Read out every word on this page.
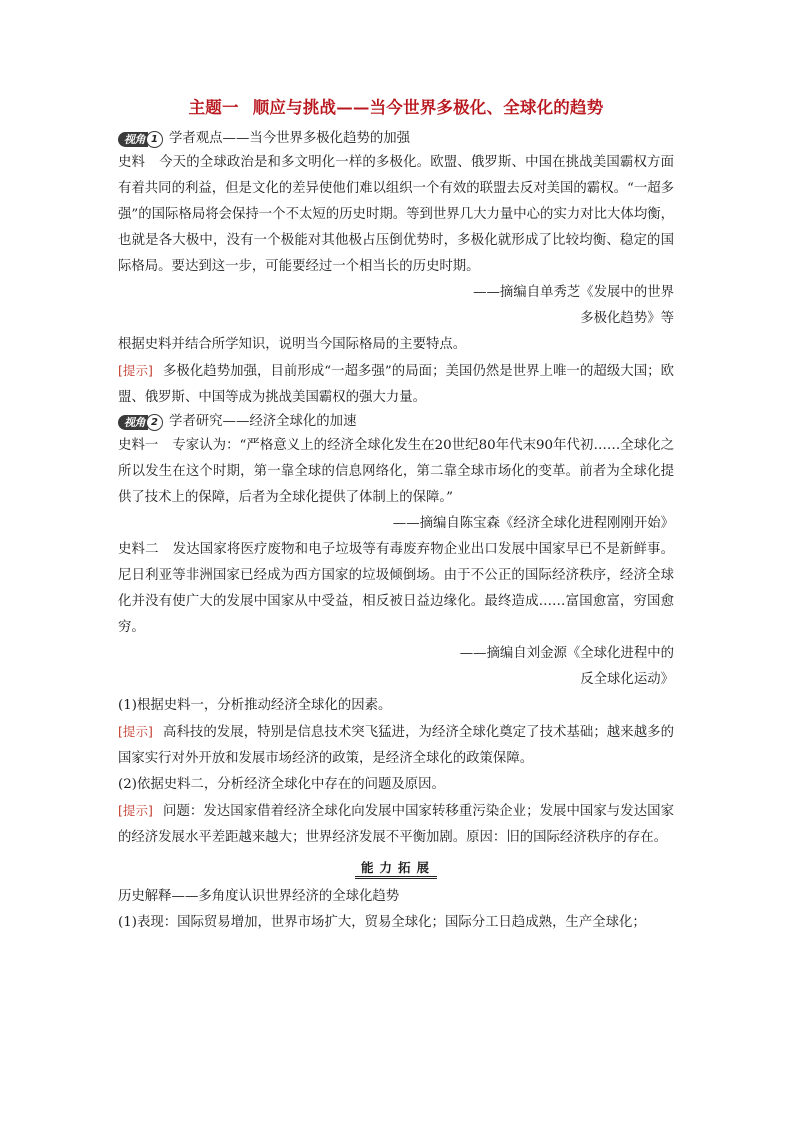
主题一 顺应与挑战——当今世界多极化、全球化的趋势
视角 1 学者观点——当今世界多极化趋势的加强

史料 今天的全球政治是和多文明化一样的多极化。欧盟、俄罗斯、中国在挑战美国霸权方面有着共同的利益，但是文化的差异使他们难以组织一个有效的联盟去反对美国的霸权。“一超多强”的国际格局将会保持一个不太短的历史时期。等到世界几大力量中心的实力对比大体均衡，也就是各大极中，没有一个极能对其他极占压倒优势时，多极化就形成了比较均衡、稳定的国际格局。要达到这一步，可能要经过一个相当长的历史时期。

——摘编自单秀芝《发展中的世界

多极化趋势》等

根据史料并结合所学知识，说明当今国际格局的主要特点。

[提示] 多极化趋势加强，目前形成“一超多强”的局面；美国仍然是世界上唯一的超级大国；欧盟、俄罗斯、中国等成为挑战美国霸权的强大力量。

视角 2 学者研究——经济全球化的加速

史料一 专家认为：“严格意义上的经济全球化发生在20世纪80年代末90年代初……全球化之所以发生在这个时期，第一靠全球的信息网络化，第二靠全球市场化的变革。前者为全球化提供了技术上的保障，后者为全球化提供了体制上的保障。”

——摘编自陈宝森《经济全球化进程刚刚开始》

史料二 发达国家将医疗废物和电子垃圾等有毒废弃物企业出口发展中国家早已不是新鲜事。尼日利亚等非洲国家已经成为西方国家的垃圾倾倒场。由于不公正的国际经济秩序，经济全球化并没有使广大的发展中国家从中受益，相反被日益边缘化。最终造成……富国愈富，穷国愈穷。

——摘编自刘金源《全球化进程中的

反全球化运动》

(1)根据史料一，分析推动经济全球化的因素。

[提示] 高科技的发展，特别是信息技术突飞猛进，为经济全球化奠定了技术基础；越来越多的国家实行对外开放和发展市场经济的政策，是经济全球化的政策保障。

(2)依据史料二，分析经济全球化中存在的问题及原因。

[提示] 问题：发达国家借着经济全球化向发展中国家转移重污染企业；发展中国家与发达国家的经济发展水平差距越来越大；世界经济发展不平衡加剧。原因：旧的国际经济秩序的存在。

能力拓展

历史解释——多角度认识世界经济的全球化趋势

(1)表现：国际贸易增加，世界市场扩大，贸易全球化；国际分工日趋成熟，生产全球化；
